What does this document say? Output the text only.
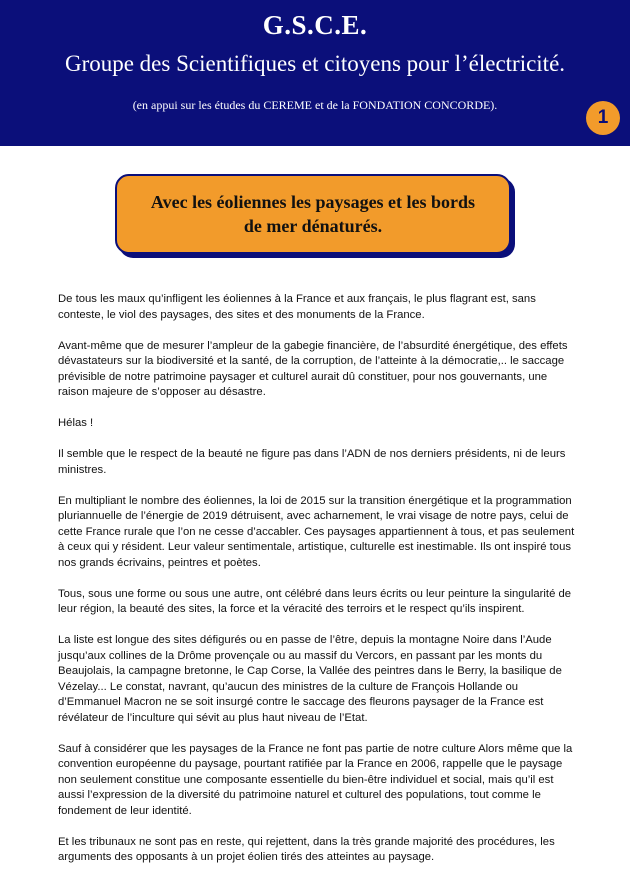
G.S.C.E.
Groupe des Scientifiques et citoyens pour l’électricité.
(en appui sur les études du CEREME et de la FONDATION CONCORDE).
1
Avec les éoliennes les paysages et les bords de mer dénaturés.

De tous les maux qu’infligent les éoliennes à la France et aux français, le plus flagrant est, sans conteste, le viol des paysages, des sites et des monuments de la France.

Avant-même que de mesurer l’ampleur de la gabegie financière, de l’absurdité énergétique, des effets dévastateurs sur la biodiversité et la santé, de la corruption, de l’atteinte à la démocratie,.. le saccage prévisible de notre patrimoine paysager et culturel aurait dû constituer, pour nos gouvernants, une raison majeure de s’opposer au désastre.

Hélas !

Il semble que le respect de la beauté ne figure pas dans l’ADN de nos derniers présidents, ni de leurs ministres.

En multipliant le nombre des éoliennes, la loi de 2015 sur la transition énergétique et la programmation pluriannuelle de l’énergie de 2019 détruisent, avec acharnement, le vrai visage de notre pays, celui de cette France rurale que l’on ne cesse d’accabler. Ces paysages appartiennent à tous, et pas seulement à ceux qui y résident. Leur valeur sentimentale, artistique, culturelle est inestimable. Ils ont inspiré tous nos grands écrivains, peintres et poètes.

Tous, sous une forme ou sous une autre, ont célébré dans leurs écrits ou leur peinture la singularité de leur région, la beauté des sites, la force et la véracité des terroirs et le respect qu’ils inspirent.

La liste est longue des sites défigurés ou en passe de l’être, depuis la montagne Noire dans l’Aude jusqu’aux collines de la Drôme provençale ou au massif du Vercors, en passant par les monts du Beaujolais, la campagne bretonne, le Cap Corse, la Vallée des peintres dans le Berry, la basilique de Vézelay... Le constat, navrant, qu’aucun des ministres de la culture de François Hollande ou d’Emmanuel Macron ne se soit insurgé contre le saccage des fleurons paysager de la France est révélateur de l’inculture qui sévit au plus haut niveau de l’Etat.

Sauf à considérer que les paysages de la France ne font pas partie de notre culture Alors même que la convention européenne du paysage, pourtant ratifiée par la France en 2006, rappelle que le paysage non seulement constitue une composante essentielle du bien-être individuel et social, mais qu’il est aussi l’expression de la diversité du patrimoine naturel et culturel des populations, tout comme le fondement de leur identité.

Et les tribunaux ne sont pas en reste, qui rejettent, dans la très grande majorité des procédures, les arguments des opposants à un projet éolien tirés des atteintes au paysage.
